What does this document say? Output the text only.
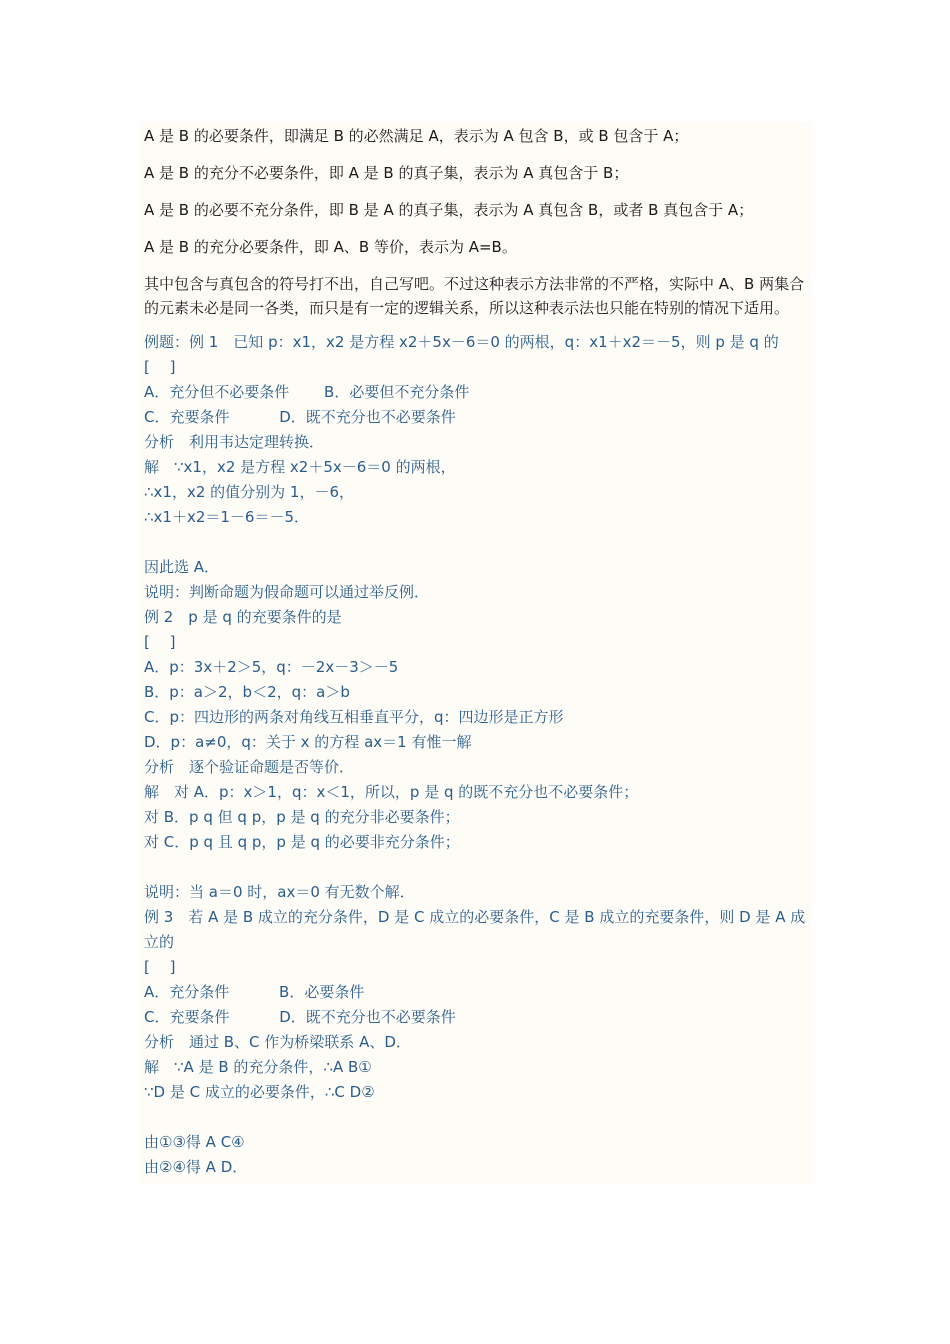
A 是 B 的必要条件，即满足 B 的必然满足 A，表示为 A 包含 B，或 B 包含于 A；

A 是 B 的充分不必要条件，即 A 是 B 的真子集，表示为 A 真包含于 B；

A 是 B 的必要不充分条件，即 B 是 A 的真子集，表示为 A 真包含 B，或者 B 真包含于 A；

A 是 B 的充分必要条件，即 A、B 等价，表示为 A=B。

其中包含与真包含的符号打不出，自己写吧。不过这种表示方法非常的不严格，实际中 A、B 两集合的元素未必是同一各类，而只是有一定的逻辑关系，所以这种表示法也只能在特别的情况下适用。

例题：例 1　已知 p：x1，x2 是方程 x2＋5x－6＝0 的两根，q：x1＋x2＝－5，则 p 是 q 的
[　 ]
A．充分但不必要条件　　 B．必要但不充分条件
C．充要条件　　　 D．既不充分也不必要条件
分析　利用韦达定理转换．
解　∵x1，x2 是方程 x2＋5x－6＝0 的两根，
∴x1，x2 的值分别为 1，－6，
∴x1＋x2＝1－6＝－5．
因此选 A．
说明：判断命题为假命题可以通过举反例．
例 2　p 是 q 的充要条件的是
[　 ]
A．p：3x＋2＞5，q：－2x－3＞－5
B．p：a＞2，b＜2，q：a＞b
C．p：四边形的两条对角线互相垂直平分，q：四边形是正方形
D．p：a≠0，q：关于 x 的方程 ax＝1 有惟一解
分析　逐个验证命题是否等价．
解　对 A．p：x＞1，q：x＜1，所以，p 是 q 的既不充分也不必要条件；
对 B．p q 但 q p，p 是 q 的充分非必要条件；
对 C．p q 且 q p，p 是 q 的必要非充分条件；
说明：当 a＝0 时，ax＝0 有无数个解．
例 3　若 A 是 B 成立的充分条件，D 是 C 成立的必要条件，C 是 B 成立的充要条件，则 D 是 A 成立的
[　 ]
A．充分条件　　　 B．必要条件
C．充要条件　　　 D．既不充分也不必要条件
分析　通过 B、C 作为桥梁联系 A、D．
解　∵A 是 B 的充分条件，∴A B①
∵D 是 C 成立的必要条件，∴C D②
由①③得 A C④
由②④得 A D．
